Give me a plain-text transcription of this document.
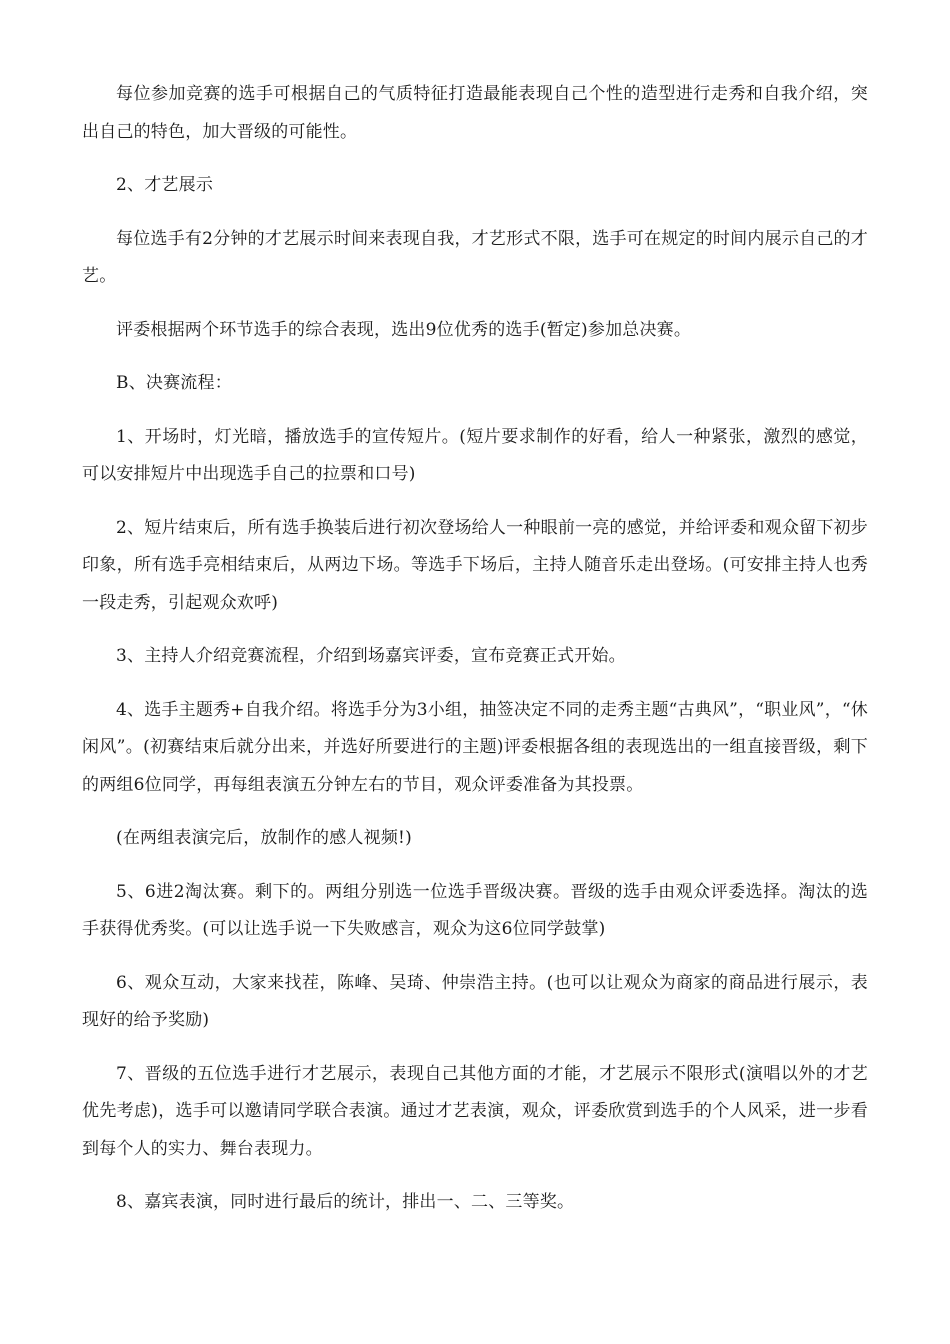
每位参加竞赛的选手可根据自己的气质特征打造最能表现自己个性的造型进行走秀和自我介绍，突出自己的特色，加大晋级的可能性。

2、才艺展示

每位选手有2分钟的才艺展示时间来表现自我，才艺形式不限，选手可在规定的时间内展示自己的才艺。

评委根据两个环节选手的综合表现，选出9位优秀的选手(暂定)参加总决赛。

B、决赛流程：

1、开场时，灯光暗，播放选手的宣传短片。(短片要求制作的好看，给人一种紧张，激烈的感觉，可以安排短片中出现选手自己的拉票和口号)

2、短片结束后，所有选手换装后进行初次登场给人一种眼前一亮的感觉，并给评委和观众留下初步印象，所有选手亮相结束后，从两边下场。等选手下场后，主持人随音乐走出登场。(可安排主持人也秀一段走秀，引起观众欢呼)

3、主持人介绍竞赛流程，介绍到场嘉宾评委，宣布竞赛正式开始。

4、选手主题秀+自我介绍。将选手分为3小组，抽签决定不同的走秀主题“古典风”，“职业风”，“休闲风”。(初赛结束后就分出来，并选好所要进行的主题)评委根据各组的表现选出的一组直接晋级，剩下的两组6位同学，再每组表演五分钟左右的节目，观众评委准备为其投票。

(在两组表演完后，放制作的感人视频!)

5、6进2淘汰赛。剩下的。两组分别选一位选手晋级决赛。晋级的选手由观众评委选择。淘汰的选手获得优秀奖。(可以让选手说一下失败感言，观众为这6位同学鼓掌)

6、观众互动，大家来找茬，陈峰、吴琦、仲崇浩主持。(也可以让观众为商家的商品进行展示，表现好的给予奖励)

7、晋级的五位选手进行才艺展示，表现自己其他方面的才能，才艺展示不限形式(演唱以外的才艺优先考虑)，选手可以邀请同学联合表演。通过才艺表演，观众，评委欣赏到选手的个人风采，进一步看到每个人的实力、舞台表现力。

8、嘉宾表演，同时进行最后的统计，排出一、二、三等奖。
